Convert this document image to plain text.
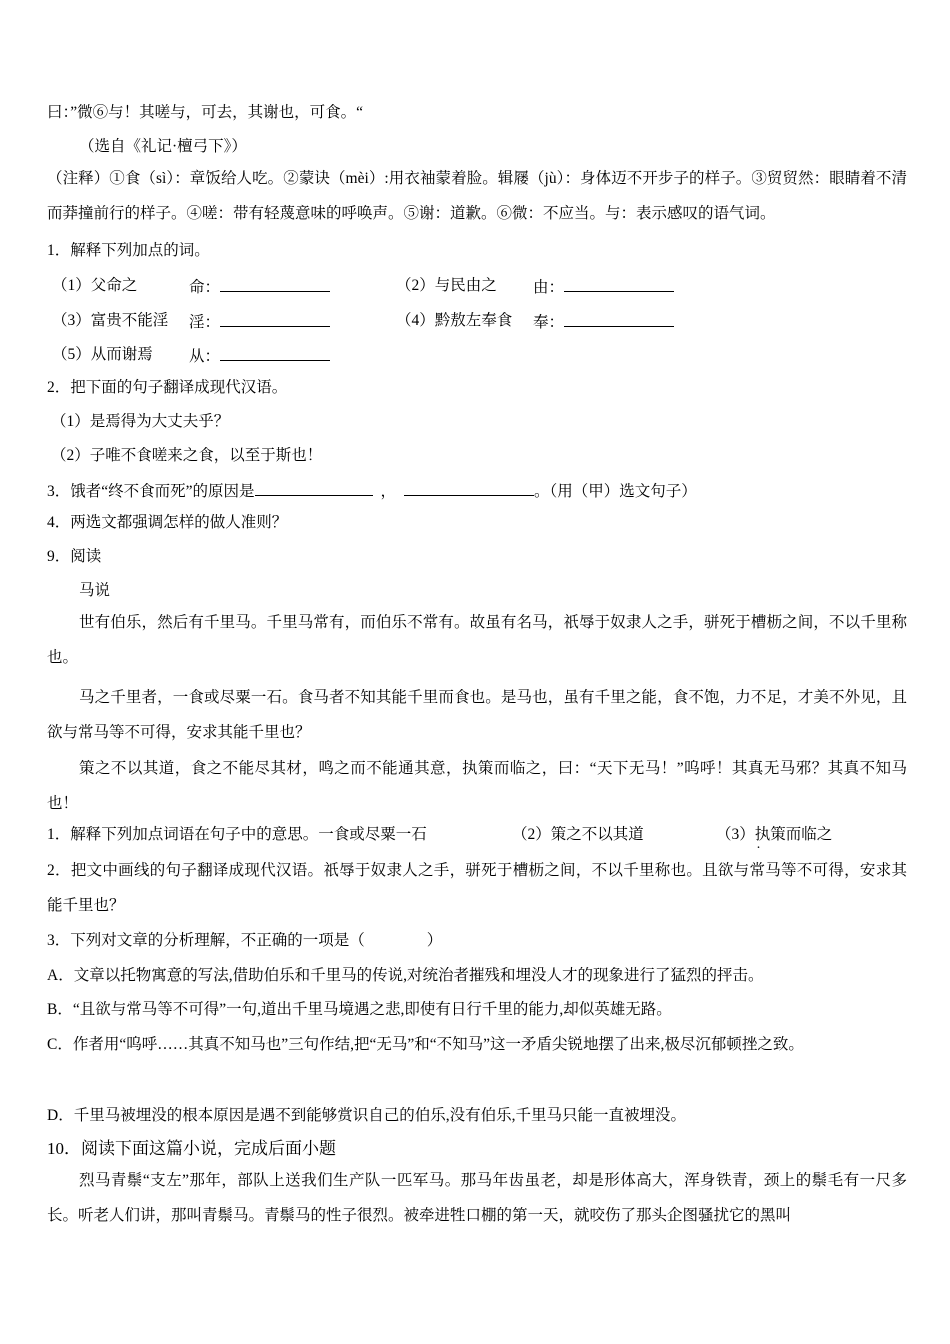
曰：”微⑥与！其嗟与，可去，其谢也，可食。“
（选自《礼记·檀弓下》）
（注释）①食（sì）：章饭给人吃。②蒙诀（mèi）:用衣袖蒙着脸。辑屦（jù）：身体迈不开步子的样子。③贸贸然：眼睛着不清而莽撞前行的样子。④嗟：带有轻蔑意味的呼唤声。⑤谢：道歉。⑥微：不应当。与：表示感叹的语气词。
1．解释下列加点的词。
（1）父命之	命：	（2）与民由之 由：
（3）富贵不能淫 淫：	（4）黔敖左奉食 奉：
（5）从而谢焉 从：
2．把下面的句子翻译成现代汉语。
（1）是焉得为大丈夫乎？
（2）子唯不食嗟来之食，以至于斯也！
3．饿者“终不食而死”的原因是	，	。（用（甲）选文句子）
4．两选文都强调怎样的做人准则？
9．阅读
马说
世有伯乐，然后有千里马。千里马常有，而伯乐不常有。故虽有名马，祇辱于奴隶人之手，骈死于槽枥之间，不以千里称也。
马之千里者，一食或尽粟一石。食马者不知其能千里而食也。是马也，虽有千里之能，食不饱，力不足，才美不外见，且欲与常马等不可得，安求其能千里也？
策之不以其道，食之不能尽其材，鸣之而不能通其意，执策而临之，曰：“天下无马！”呜呼！其真无马邪？其真不知马也！
1．解释下列加点词语在句子中的意思。一食或尽粟一石	（2）策之不以其道	（3）执策而临之
2．把文中画线的句子翻译成现代汉语。祇辱于奴隶人之手，骈死于槽枥之间，不以千里称也。且欲与常马等不可得，安求其能千里也？
3．下列对文章的分析理解，不正确的一项是（　　　　）
A．文章以托物寓意的写法,借助伯乐和千里马的传说,对统治者摧残和埋没人才的现象进行了猛烈的抨击。
B．“且欲与常马等不可得”一句,道出千里马境遇之悲,即使有日行千里的能力,却似英雄无路。
C．作者用“呜呼……其真不知马也”三句作结,把“无马”和“不知马”这一矛盾尖锐地摆了出来,极尽沉郁顿挫之致。
D．千里马被埋没的根本原因是遇不到能够赏识自己的伯乐,没有伯乐,千里马只能一直被埋没。
10．阅读下面这篇小说，完成后面小题
烈马青鬃“支左”那年，部队上送我们生产队一匹军马。那马年齿虽老，却是形体高大，浑身铁青，颈上的鬃毛有一尺多长。听老人们讲，那叫青鬃马。青鬃马的性子很烈。被牵进牲口棚的第一天，就咬伤了那头企图骚扰它的黑叫
